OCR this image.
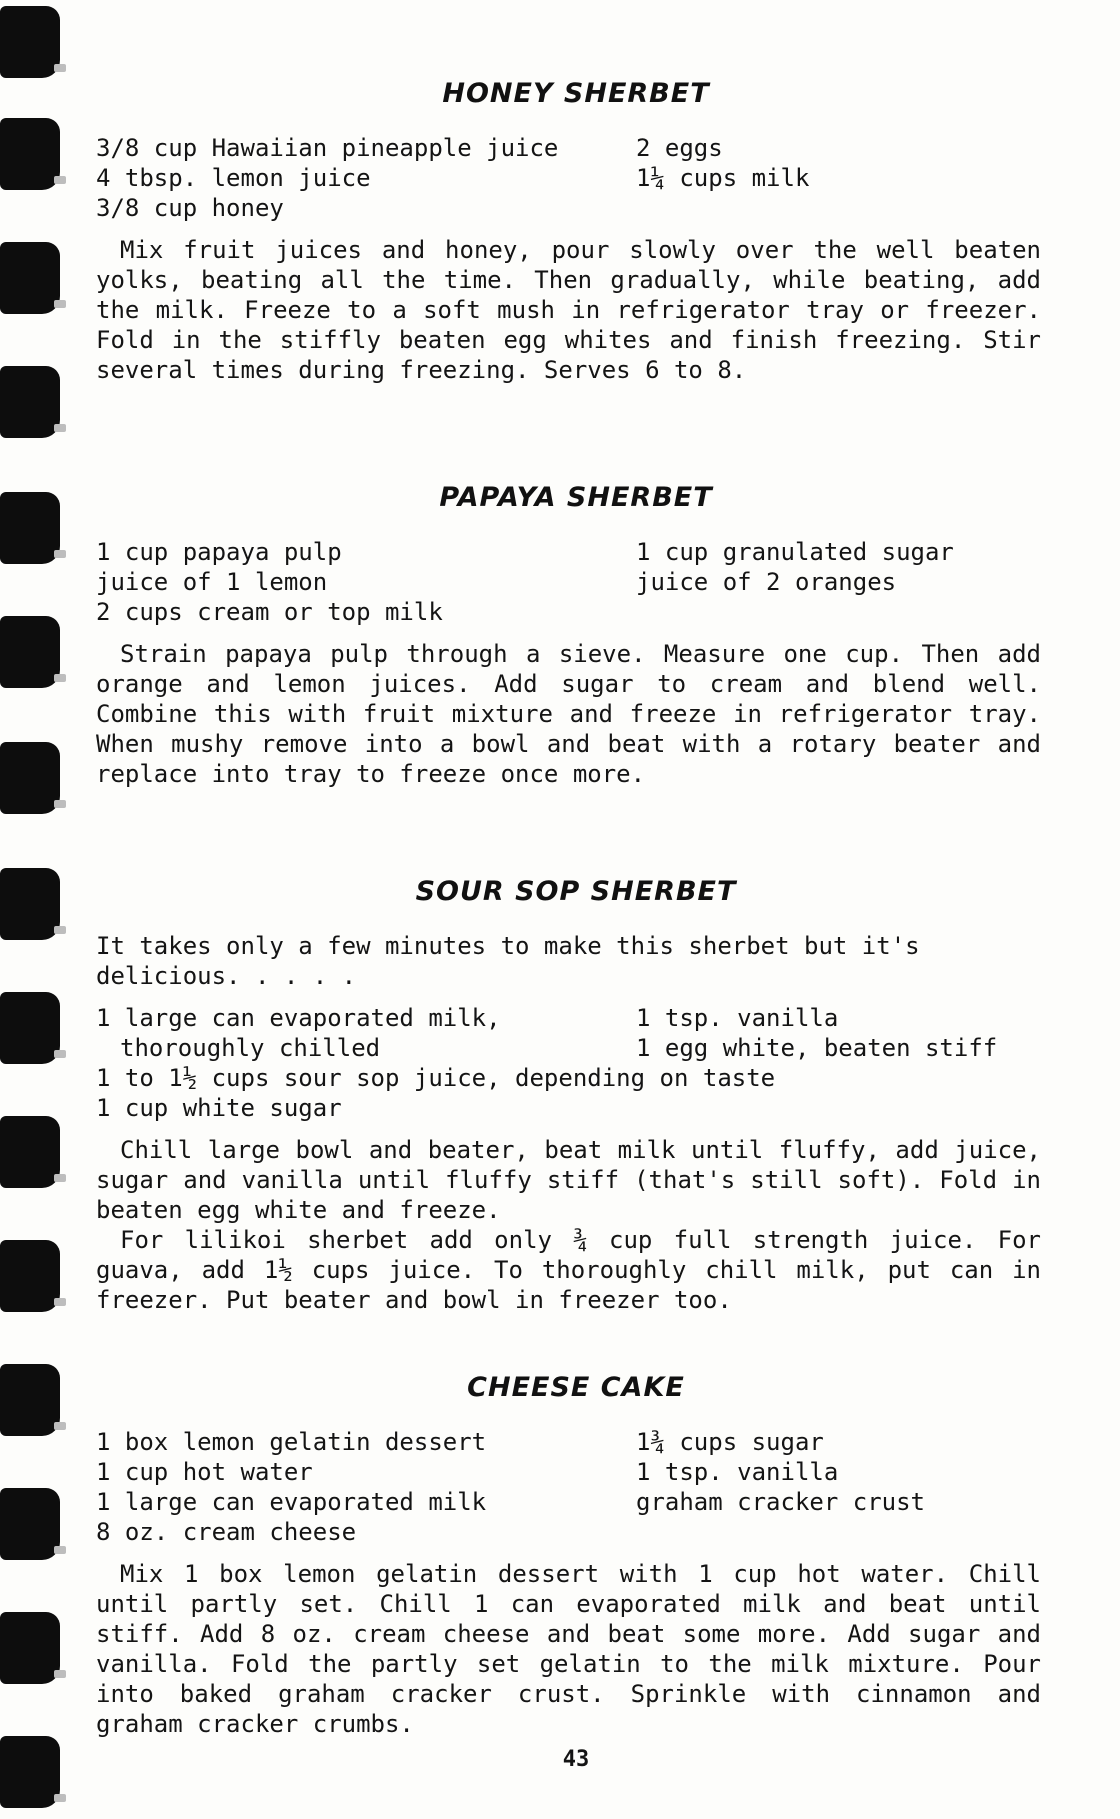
HONEY SHERBET
3/8 cup Hawaiian pineapple juice
4 tbsp. lemon juice
3/8 cup honey
2 eggs
1¼ cups milk

Mix fruit juices and honey, pour slowly over the well beaten yolks, beating all the time. Then gradually, while beating, add the milk. Freeze to a soft mush in refrigerator tray or freezer. Fold in the stiffly beaten egg whites and finish freezing. Stir several times during freezing. Serves 6 to 8.

PAPAYA SHERBET
1 cup papaya pulp
juice of 1 lemon
2 cups cream or top milk
1 cup granulated sugar
juice of 2 oranges

Strain papaya pulp through a sieve. Measure one cup. Then add orange and lemon juices. Add sugar to cream and blend well. Combine this with fruit mixture and freeze in refrigerator tray. When mushy remove into a bowl and beat with a rotary beater and replace into tray to freeze once more.

SOUR SOP SHERBET

It takes only a few minutes to make this sherbet but it's delicious. . . . .

1 large can evaporated milk,
thoroughly chilled
1 to 1½ cups sour sop juice, depending on taste
1 cup white sugar
1 tsp. vanilla
1 egg white, beaten stiff

Chill large bowl and beater, beat milk until fluffy, add juice, sugar and vanilla until fluffy stiff (that's still soft). Fold in beaten egg white and freeze.

For lilikoi sherbet add only ¾ cup full strength juice. For guava, add 1½ cups juice. To thoroughly chill milk, put can in freezer. Put beater and bowl in freezer too.

CHEESE CAKE
1 box lemon gelatin dessert
1 cup hot water
1 large can evaporated milk
8 oz. cream cheese
1¾ cups sugar
1 tsp. vanilla
graham cracker crust

Mix 1 box lemon gelatin dessert with 1 cup hot water. Chill until partly set. Chill 1 can evaporated milk and beat until stiff. Add 8 oz. cream cheese and beat some more. Add sugar and vanilla. Fold the partly set gelatin to the milk mixture. Pour into baked graham cracker crust. Sprinkle with cinnamon and graham cracker crumbs.

43
